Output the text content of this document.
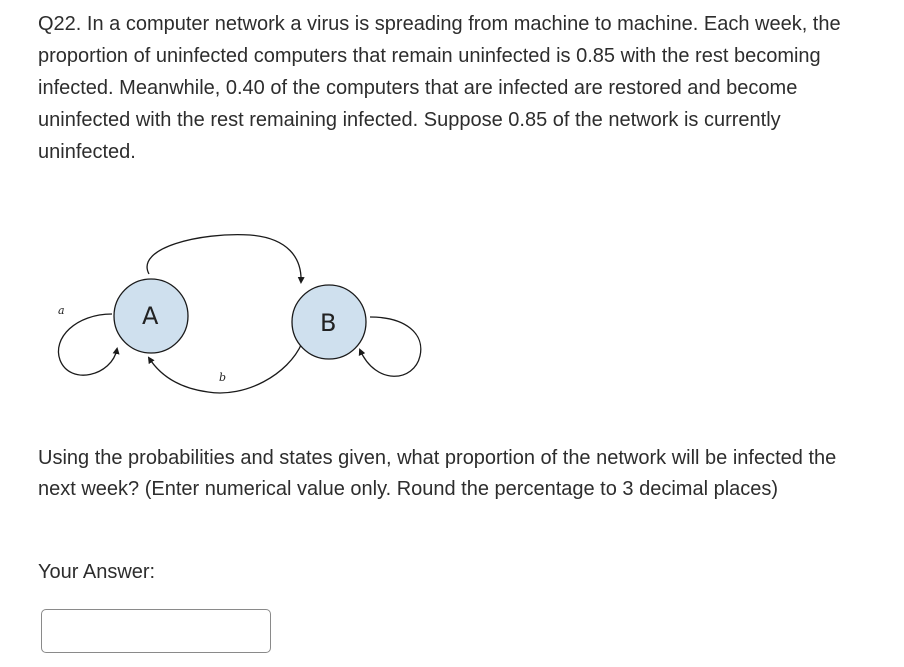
Q22. In a computer network a virus is spreading from machine to machine. Each week, the proportion of uninfected computers that remain uninfected is 0.85 with the rest becoming infected. Meanwhile, 0.40 of the computers that are infected are restored and become uninfected with the rest remaining infected. Suppose 0.85 of the network is currently uninfected.

A	B
a
b

Using the probabilities and states given, what proportion of the network will be infected the next week? (Enter numerical value only. Round the percentage to 3 decimal places)

Your Answer:
